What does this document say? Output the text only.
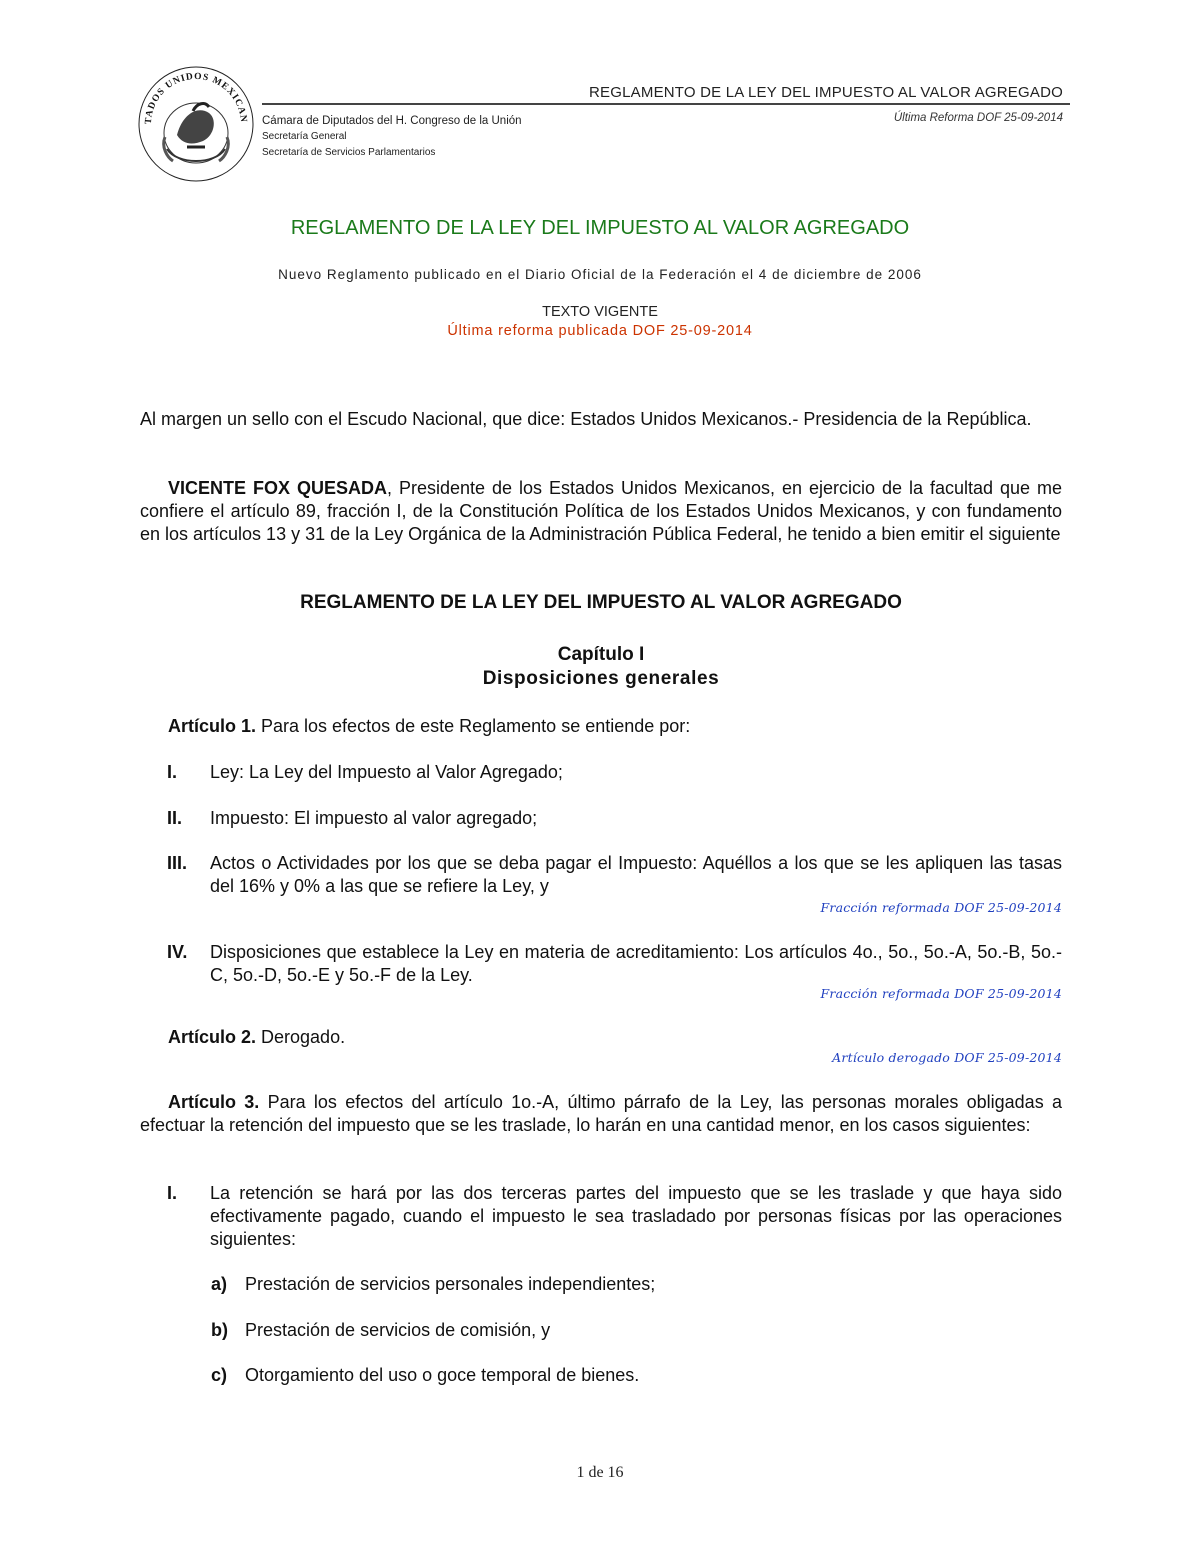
TADOS UNIDOS MEXICAN
REGLAMENTO DE LA LEY DEL IMPUESTO AL VALOR AGREGADO
Cámara de Diputados del H. Congreso de la Unión
Secretaría General
Secretaría de Servicios Parlamentarios
Última Reforma DOF 25-09-2014
REGLAMENTO DE LA LEY DEL IMPUESTO AL VALOR AGREGADO
Nuevo Reglamento publicado en el Diario Oficial de la Federación el 4 de diciembre de 2006
TEXTO VIGENTE
Última reforma publicada DOF 25-09-2014
Al margen un sello con el Escudo Nacional, que dice: Estados Unidos Mexicanos.- Presidencia de la República.
VICENTE FOX QUESADA, Presidente de los Estados Unidos Mexicanos, en ejercicio de la facultad que me confiere el artículo 89, fracción I, de la Constitución Política de los Estados Unidos Mexicanos, y con fundamento en los artículos 13 y 31 de la Ley Orgánica de la Administración Pública Federal, he tenido a bien emitir el siguiente
REGLAMENTO DE LA LEY DEL IMPUESTO AL VALOR AGREGADO
Capítulo I
Disposiciones generales
Artículo 1. Para los efectos de este Reglamento se entiende por:
I. Ley: La Ley del Impuesto al Valor Agregado;
II. Impuesto: El impuesto al valor agregado;
III. Actos o Actividades por los que se deba pagar el Impuesto: Aquéllos a los que se les apliquen las tasas del 16% y 0% a las que se refiere la Ley, y
Fracción reformada DOF 25-09-2014
IV. Disposiciones que establece la Ley en materia de acreditamiento: Los artículos 4o., 5o., 5o.-A, 5o.-B, 5o.-C, 5o.-D, 5o.-E y 5o.-F de la Ley.
Fracción reformada DOF 25-09-2014
Artículo 2. Derogado.
Artículo derogado DOF 25-09-2014
Artículo 3. Para los efectos del artículo 1o.-A, último párrafo de la Ley, las personas morales obligadas a efectuar la retención del impuesto que se les traslade, lo harán en una cantidad menor, en los casos siguientes:
I. La retención se hará por las dos terceras partes del impuesto que se les traslade y que haya sido efectivamente pagado, cuando el impuesto le sea trasladado por personas físicas por las operaciones siguientes:
a) Prestación de servicios personales independientes;
b) Prestación de servicios de comisión, y
c) Otorgamiento del uso o goce temporal de bienes.
1 de 16
